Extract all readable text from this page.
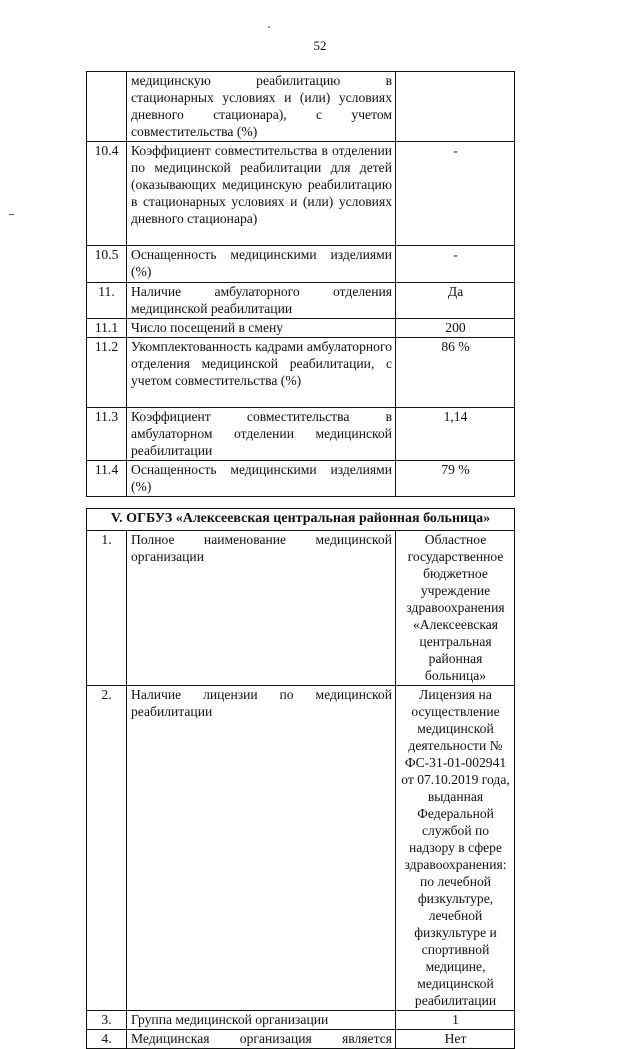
52
	медицинскую реабилитацию в стационарных условиях и (или) условиях дневного стационара), с учетом совместительства (%)	
10.4	Коэффициент совместительства в отделении по медицинской реабилитации для детей (оказывающих медицинскую реабилитацию в стационарных условиях и (или) условиях дневного стационара)	-
10.5	Оснащенность медицинскими изделиями (%)	-
11.	Наличие амбулаторного отделения медицинской реабилитации	Да
11.1	Число посещений в смену	200
11.2	Укомплектованность кадрами амбулаторного отделения медицинской реабилитации, с учетом совместительства (%)	86 %
11.3	Коэффициент совместительства в амбулаторном отделении медицинской реабилитации	1,14
11.4	Оснащенность медицинскими изделиями (%)	79 %
V. ОГБУЗ «Алексеевская центральная районная больница»		
1.	Полное наименование медицинской организации	Областное государственное бюджетное учреждение здравоохранения «Алексеевская центральная районная больница»
2.	Наличие лицензии по медицинской реабилитации	Лицензия на осуществление медицинской деятельности № ФС-31-01-002941 от 07.10.2019 года, выданная Федеральной службой по надзору в сфере здравоохранения: по лечебной физкультуре, лечебной физкультуре и спортивной медицине, медицинской реабилитации
3.	Группа медицинской организации	1
4.	Медицинская организация является	Нет
